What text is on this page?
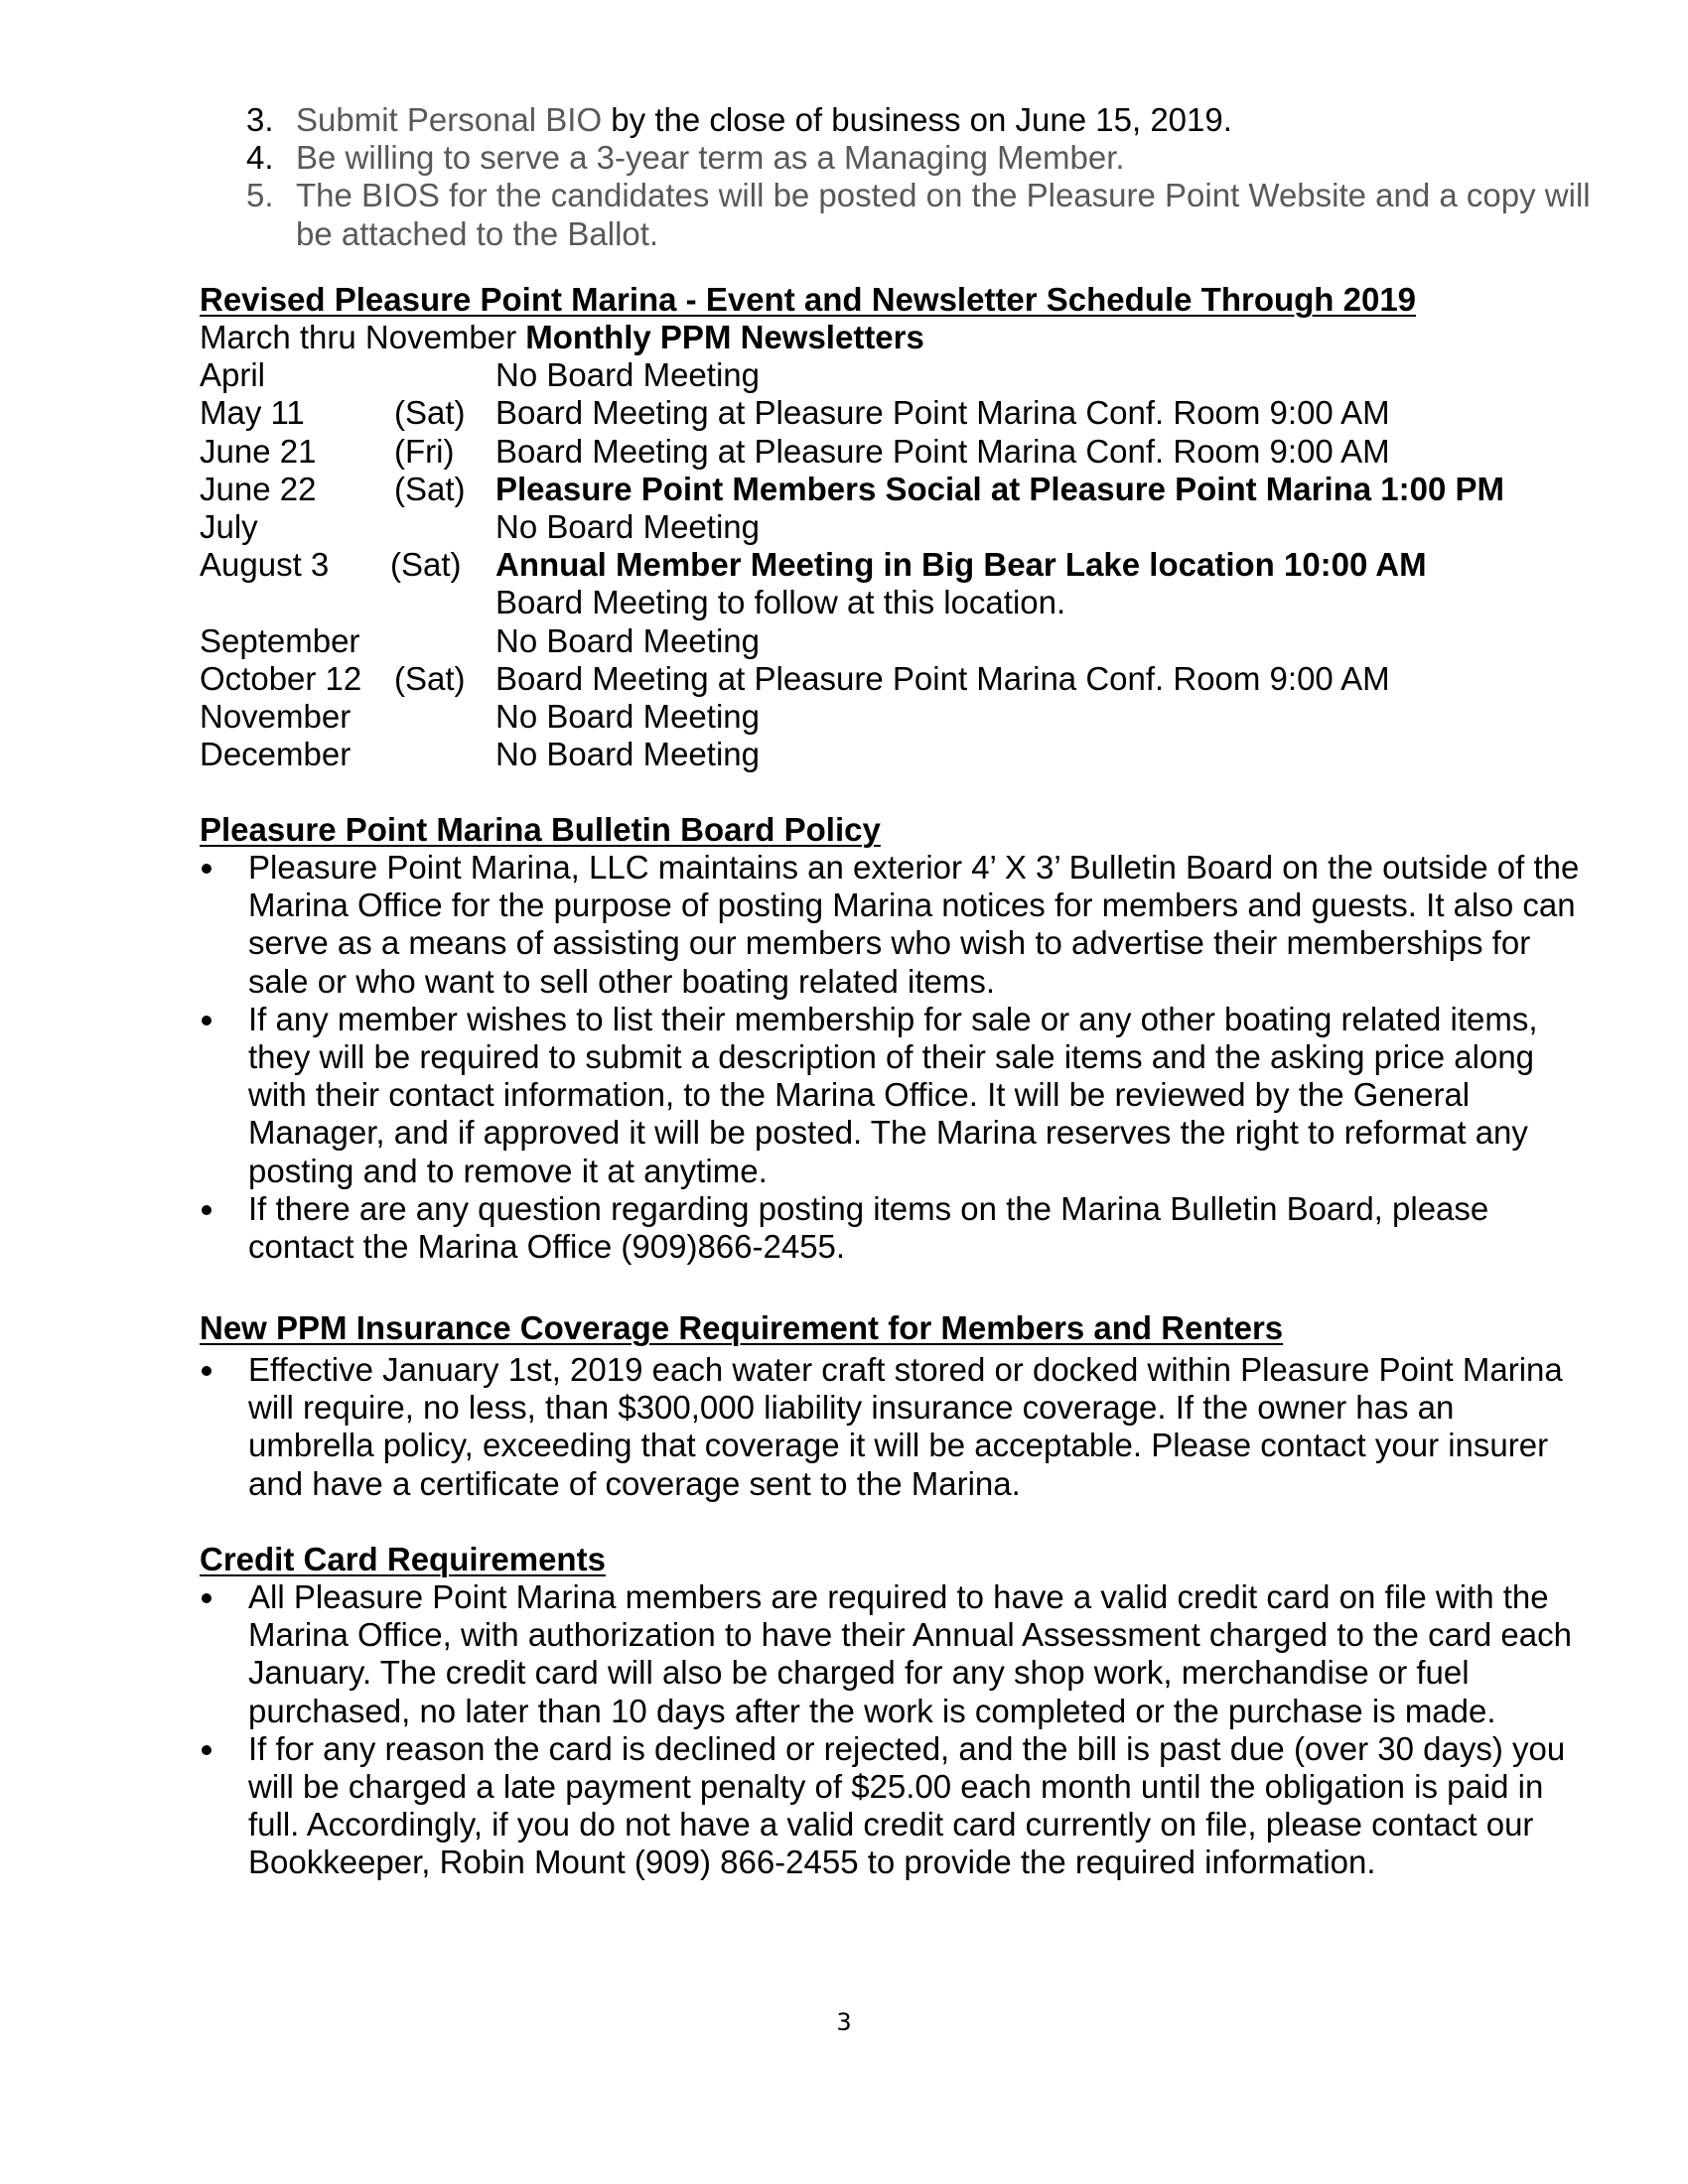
3. Submit Personal BIO by the close of business on June 15, 2019.
4. Be willing to serve a 3-year term as a Managing Member.
5. The BIOS for the candidates will be posted on the Pleasure Point Website and a copy will be attached to the Ballot.
Revised Pleasure Point Marina - Event and Newsletter Schedule Through 2019
March thru November Monthly PPM Newsletters
April	No Board Meeting
May 11	(Sat) Board Meeting at Pleasure Point Marina Conf. Room 9:00 AM
June 21 (Fri) Board Meeting at Pleasure Point Marina Conf. Room 9:00 AM
June 22 (Sat) Pleasure Point Members Social at Pleasure Point Marina 1:00 PM
July	No Board Meeting
August 3 (Sat) Annual Member Meeting in Big Bear Lake location 10:00 AM
Board Meeting to follow at this location.
September	No Board Meeting
October 12 (Sat) Board Meeting at Pleasure Point Marina Conf. Room 9:00 AM
November	No Board Meeting
December	No Board Meeting
Pleasure Point Marina Bulletin Board Policy
Pleasure Point Marina, LLC maintains an exterior 4’ X 3’ Bulletin Board on the outside of the Marina Office for the purpose of posting Marina notices for members and guests. It also can serve as a means of assisting our members who wish to advertise their memberships for sale or who want to sell other boating related items.
If any member wishes to list their membership for sale or any other boating related items, they will be required to submit a description of their sale items and the asking price along with their contact information, to the Marina Office. It will be reviewed by the General Manager, and if approved it will be posted. The Marina reserves the right to reformat any posting and to remove it at anytime.
If there are any question regarding posting items on the Marina Bulletin Board, please contact the Marina Office (909)866-2455.
New PPM Insurance Coverage Requirement for Members and Renters
Effective January 1st, 2019 each water craft stored or docked within Pleasure Point Marina will require, no less, than $300,000 liability insurance coverage. If the owner has an umbrella policy, exceeding that coverage it will be acceptable. Please contact your insurer and have a certificate of coverage sent to the Marina.
Credit Card Requirements
All Pleasure Point Marina members are required to have a valid credit card on file with the Marina Office, with authorization to have their Annual Assessment charged to the card each January. The credit card will also be charged for any shop work, merchandise or fuel purchased, no later than 10 days after the work is completed or the purchase is made.
If for any reason the card is declined or rejected, and the bill is past due (over 30 days) you will be charged a late payment penalty of $25.00 each month until the obligation is paid in full. Accordingly, if you do not have a valid credit card currently on file, please contact our Bookkeeper, Robin Mount (909) 866-2455 to provide the required information.
3
